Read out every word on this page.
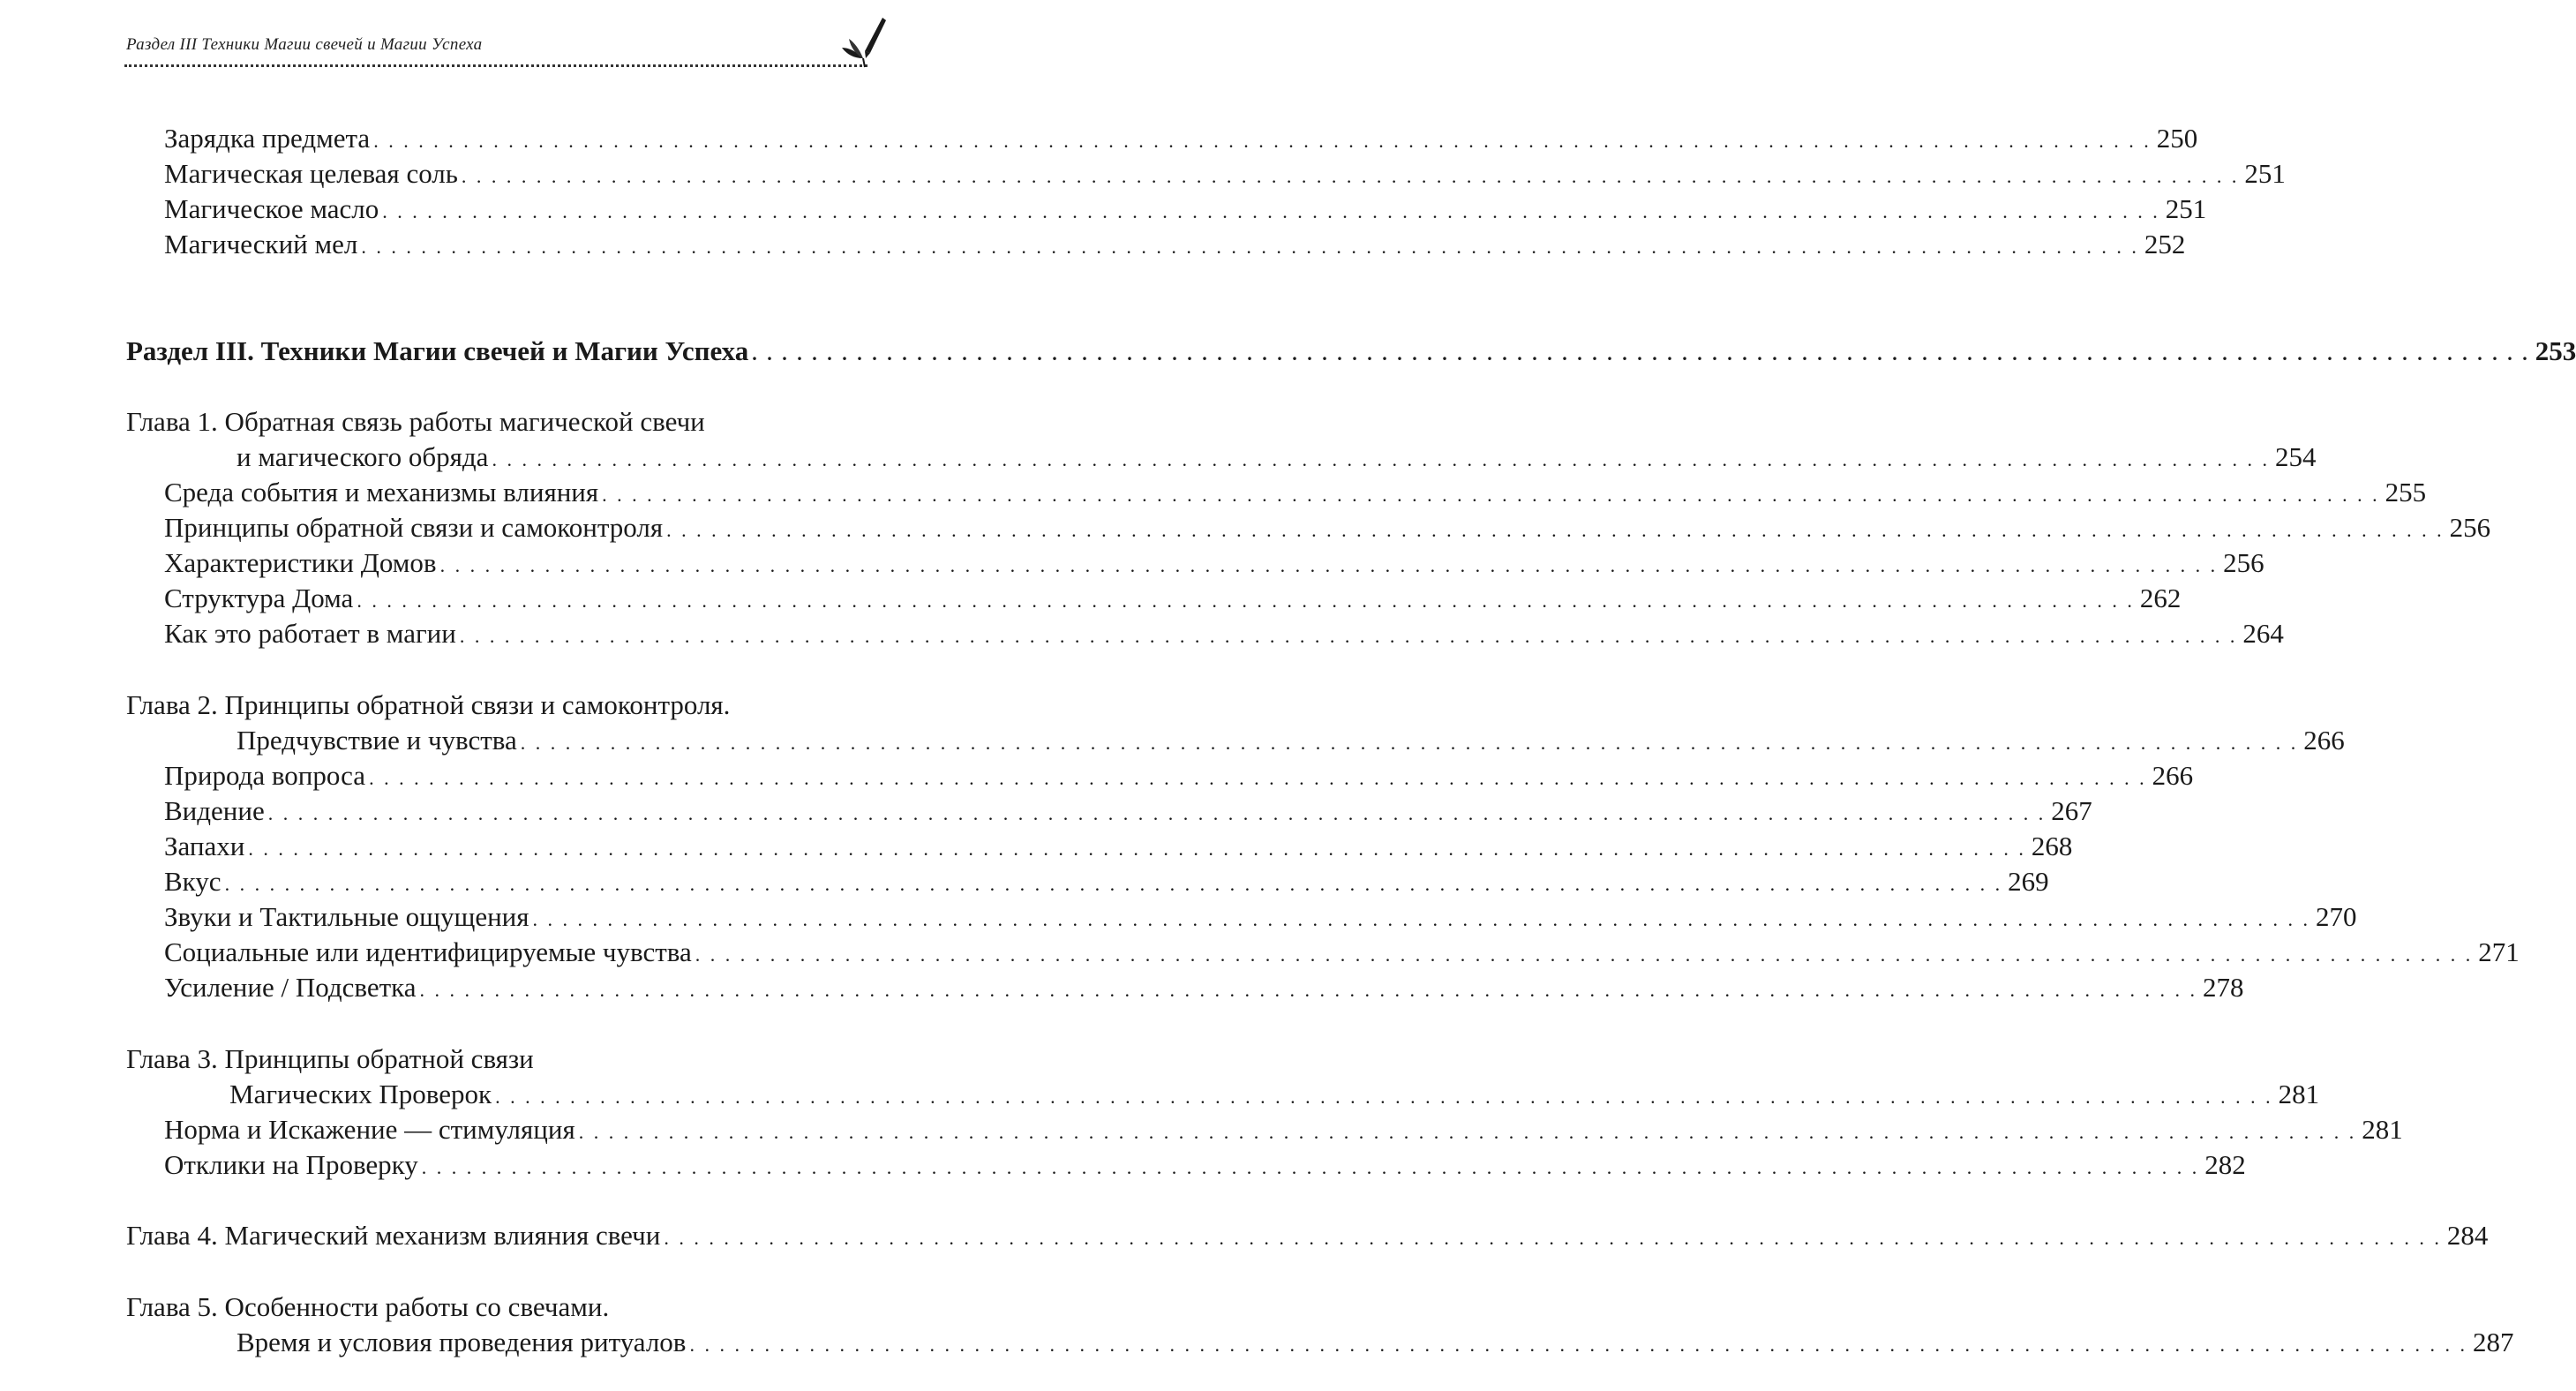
Раздел III Техники Магии свечей и Магии Успеха
Зарядка предмета . . .	250
Магическая целевая соль . . .	251
Магическое масло . . .	251
Магический мел . . .	252
Раздел III. Техники Магии свечей и Магии Успеха . . .	253
Глава 1. Обратная связь работы магической свечи
и магического обряда . . .	254
Среда события и механизмы влияния . . .	255
Принципы обратной связи и самоконтроля . . .	256
Характеристики Домов . . .	256
Структура Дома . . .	262
Как это работает в магии . . .	264
Глава 2. Принципы обратной связи и самоконтроля.
Предчувствие и чувства . . .	266
Природа вопроса . . .	266
Видение . . .	267
Запахи . . .	268
Вкус . . .	269
Звуки и Тактильные ощущения . . .	270
Социальные или идентифицируемые чувства . . .	271
Усиление / Подсветка . . .	278
Глава 3. Принципы обратной связи
Магических Проверок . . .	281
Норма и Искажение — стимуляция . . .	281
Отклики на Проверку . . .	282
Глава 4. Магический механизм влияния свечи . . .	284
Глава 5. Особенности работы со свечами.
Время и условия проведения ритуалов . . .	287
